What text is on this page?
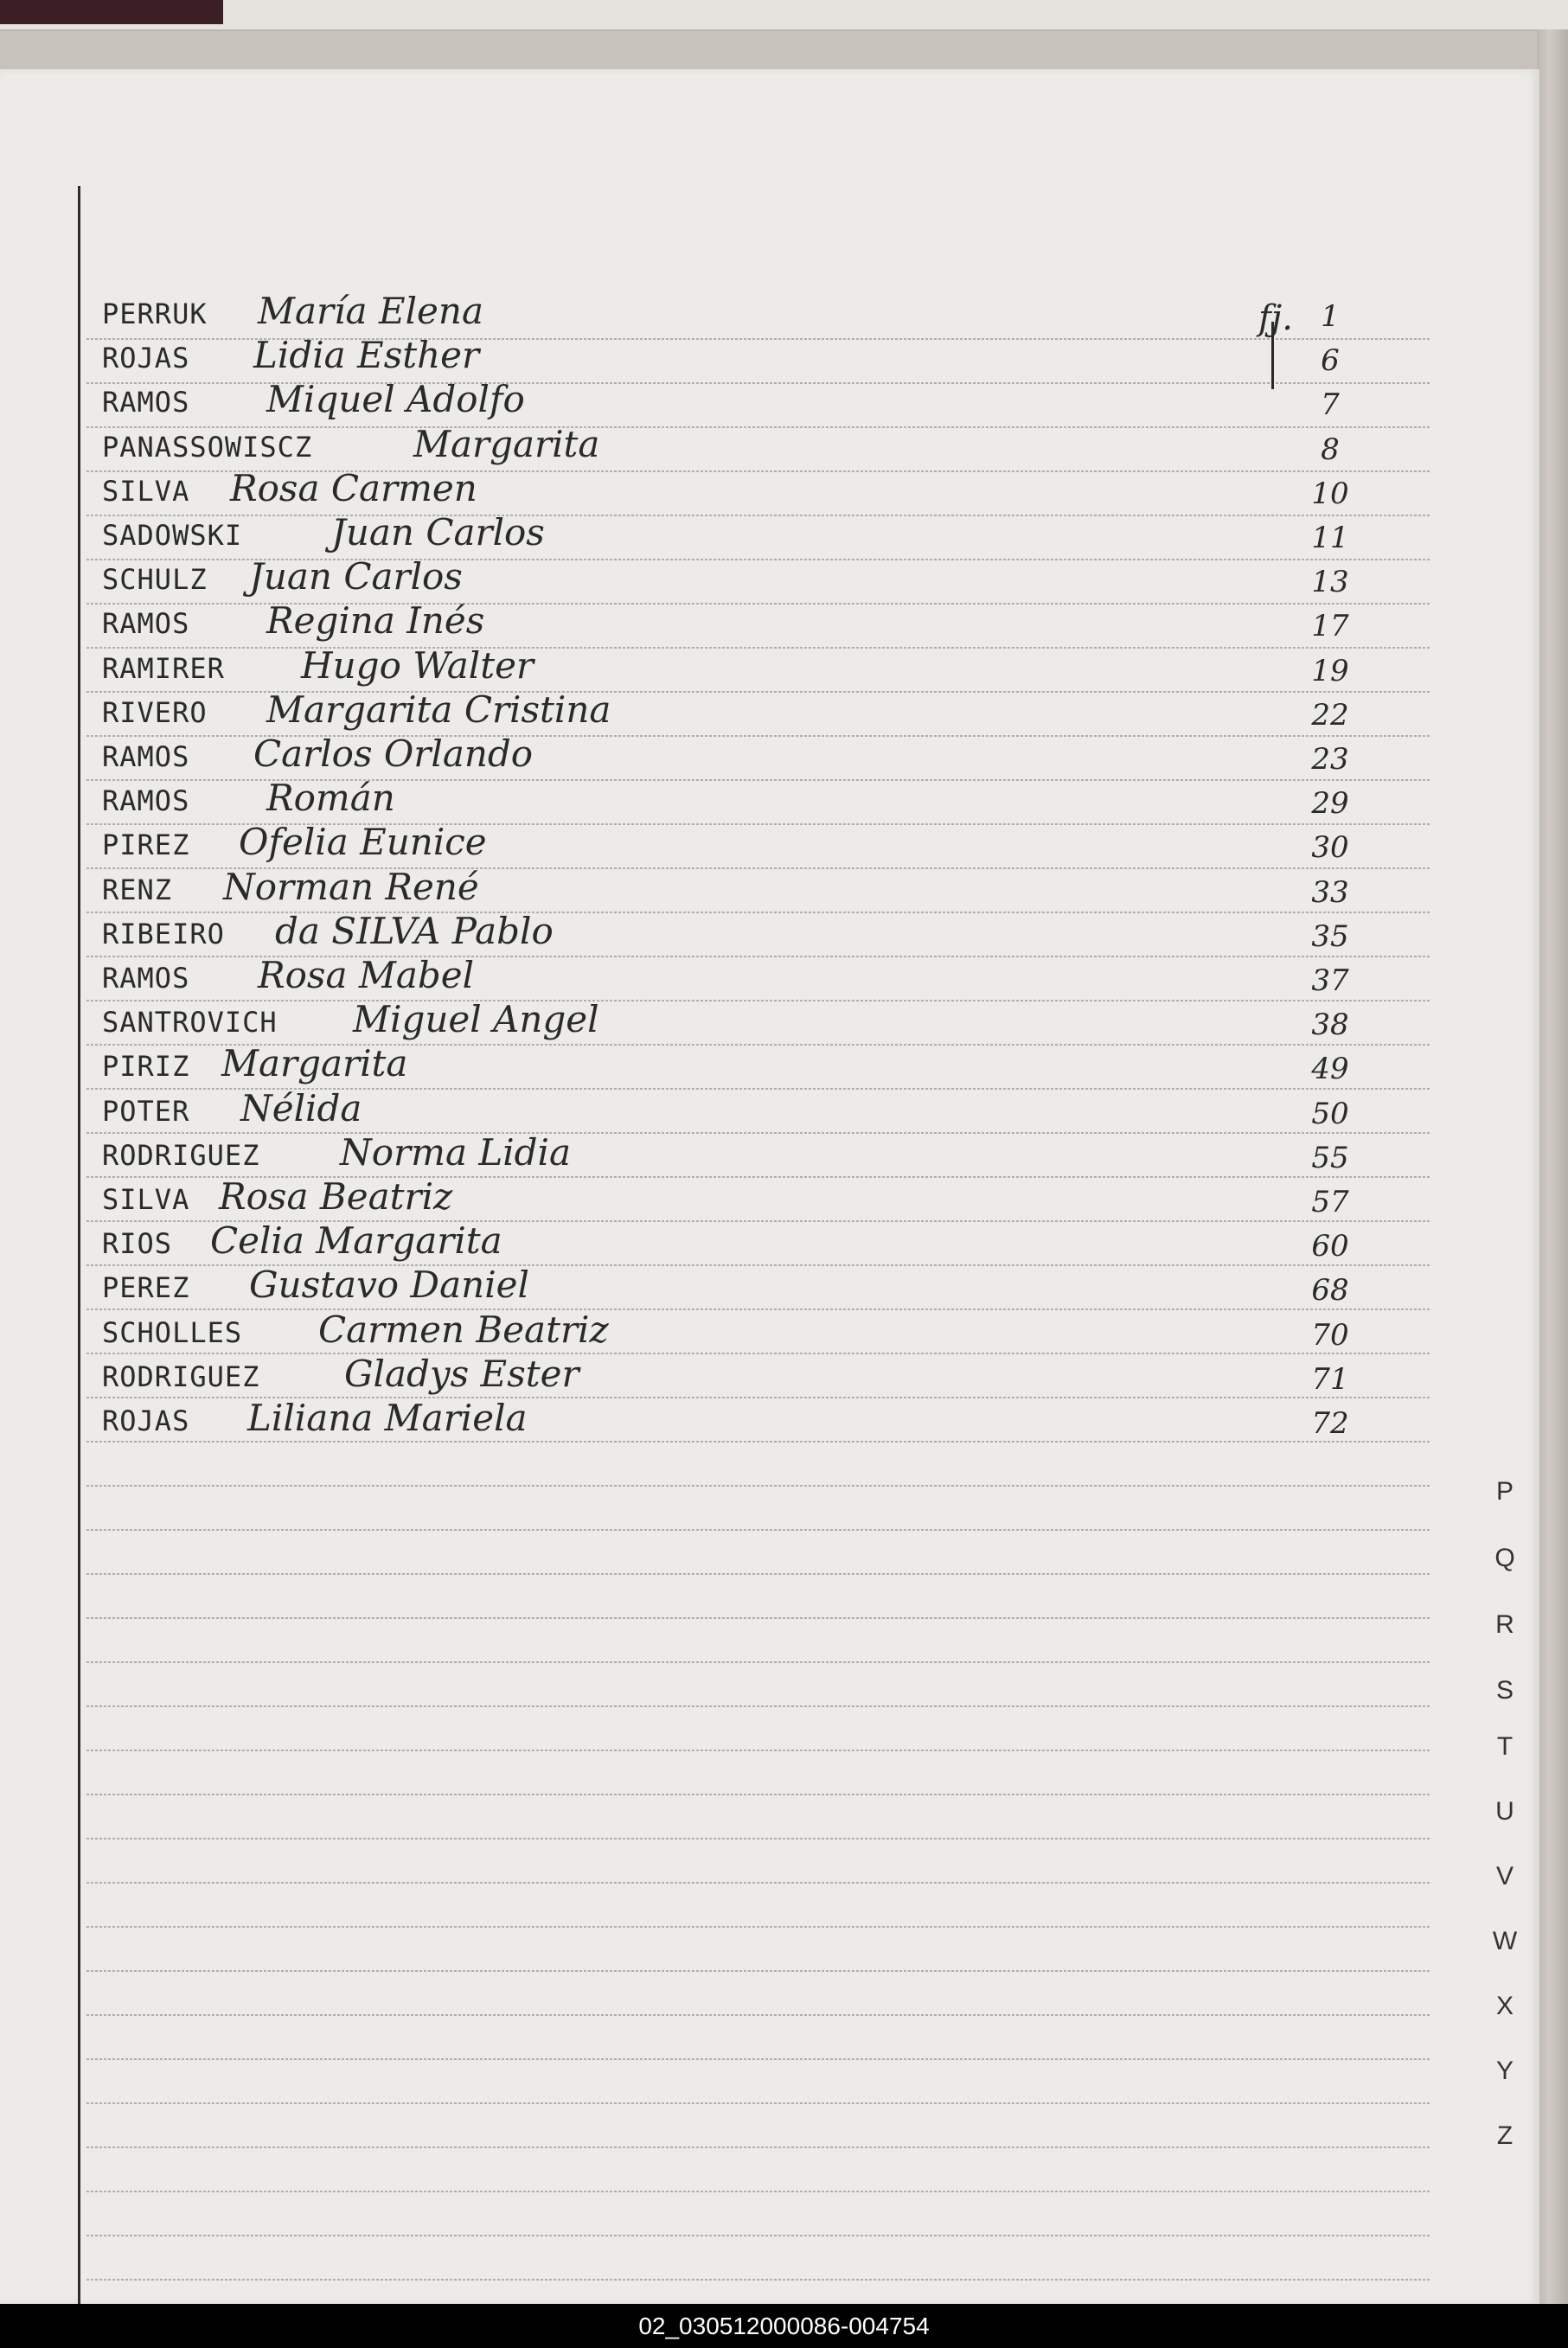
PERRUK María Elena	1
ROJAS Lidia Esther	6
RAMOS Miquel Adolfo	7
PANASSOWISCZ	Margarita	8
SILVA Rosa Carmen	10
SADOWSKI Juan Carlos	11
SCHULZ Juan Carlos	13
RAMOS Regina Inés	17
RAMIRER Hugo Walter	19
RIVERO Margarita Cristina	22
RAMOS Carlos Orlando	23
RAMOS Román	29
PIREZ Ofelia Eunice	30
RENZ Norman René	33
RIBEIRO da SILVA Pablo	35
RAMOS Rosa Mabel	37
SANTROVICH Miguel Angel	38
PIRIZ Margarita	49
POTER Nélida	50
RODRIGUEZ Norma Lidia	55
SILVA Rosa Beatriz	57
RIOS Celia Margarita	60
PEREZ Gustavo Daniel	68
SCHOLLES Carmen Beatriz	70
RODRIGUEZ Gladys Ester	71
ROJAS Liliana Mariela	72
fj.
P
Q
R
S
T
U
V
W
X
Y
Z
02_030512000086-004754
